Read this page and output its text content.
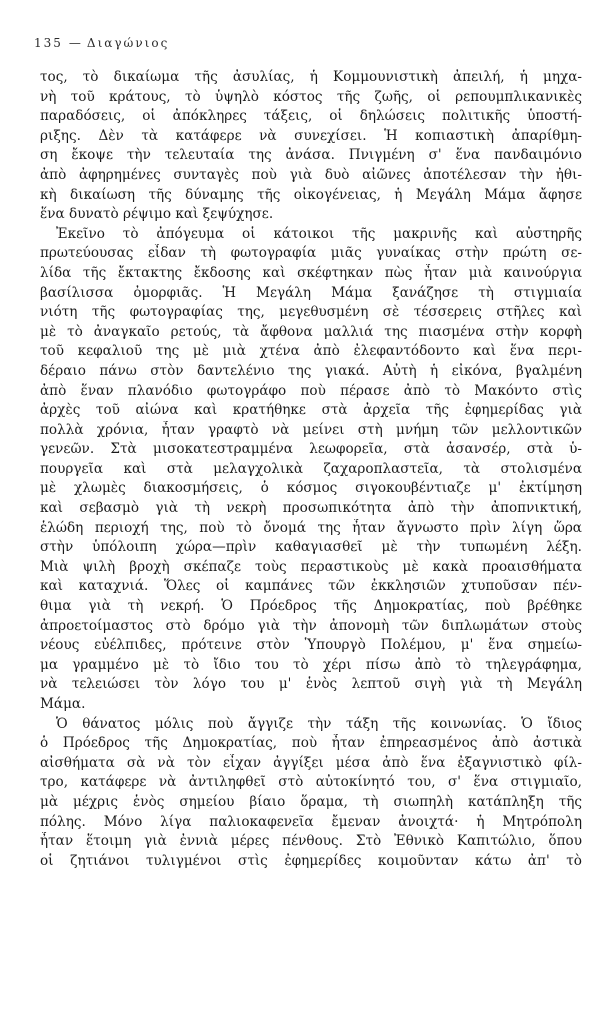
135 — Διαγώνιος
τος, τὸ δικαίωμα τῆς ἀσυλίας, ἡ Κομμουνιστικὴ ἀπειλή, ἡ μηχα-
νὴ τοῦ κράτους, τὸ ὑψηλὸ κόστος τῆς ζωῆς, οἱ ρεπουμπλικανικὲς
παραδόσεις, οἱ ἀπόκληρες τάξεις, οἱ δηλώσεις πολιτικῆς ὑποστή-
ριξης. Δὲν τὰ κατάφερε νὰ συνεχίσει. Ἡ κοπιαστικὴ ἀπαρίθμη-
ση ἔκοψε τὴν τελευταία της ἀνάσα. Πνιγμένη σ' ἕνα πανδαιμόνιο
ἀπὸ ἀφηρημένες συνταγὲς ποὺ γιὰ δυὸ αἰῶνες ἀποτέλεσαν τὴν ἠθι-
κὴ δικαίωση τῆς δύναμης τῆς οἰκογένειας, ἡ Μεγάλη Μάμα ἄφησε
ἕνα δυνατὸ ρέψιμο καὶ ξεψύχησε.
Ἐκεῖνο τὸ ἀπόγευμα οἱ κάτοικοι τῆς μακρινῆς καὶ αὐστηρῆς
πρωτεύουσας εἶδαν τὴ φωτογραφία μιᾶς γυναίκας στὴν πρώτη σε-
λίδα τῆς ἔκτακτης ἔκδοσης καὶ σκέφτηκαν πὼς ἦταν μιὰ καινούργια
βασίλισσα ὀμορφιᾶς. Ἡ Μεγάλη Μάμα ξανάζησε τὴ στιγμιαία
νιότη τῆς φωτογραφίας της, μεγεθυσμένη σὲ τέσσερεις στῆλες καὶ
μὲ τὸ ἀναγκαῖο ρετούς, τὰ ἄφθονα μαλλιά της πιασμένα στὴν κορφὴ
τοῦ κεφαλιοῦ της μὲ μιὰ χτένα ἀπὸ ἐλεφαντόδοντο καὶ ἕνα περι-
δέραιο πάνω στὸν δαντελένιο της γιακά. Αὐτὴ ἡ εἰκόνα, βγαλμένη
ἀπὸ ἕναν πλανόδιο φωτογράφο ποὺ πέρασε ἀπὸ τὸ Μακόντο στὶς
ἀρχὲς τοῦ αἰώνα καὶ κρατήθηκε στὰ ἀρχεῖα τῆς ἐφημερίδας γιὰ
πολλὰ χρόνια, ἦταν γραφτὸ νὰ μείνει στὴ μνήμη τῶν μελλοντικῶν
γενεῶν. Στὰ μισοκατεστραμμένα λεωφορεῖα, στὰ ἀσανσέρ, στὰ ὑ-
πουργεῖα καὶ στὰ μελαγχολικὰ ζαχαροπλαστεῖα, τὰ στολισμένα
μὲ χλωμὲς διακοσμήσεις, ὁ κόσμος σιγοκουβέντιαζε μ' ἐκτίμηση
καὶ σεβασμὸ γιὰ τὴ νεκρὴ προσωπικότητα ἀπὸ τὴν ἀποπνικτική,
ἑλώδη περιοχή της, ποὺ τὸ ὄνομά της ἦταν ἄγνωστο πρὶν λίγη ὥρα
στὴν ὑπόλοιπη χώρα—πρὶν καθαγιασθεῖ μὲ τὴν τυπωμένη λέξη.
Μιὰ ψιλὴ βροχὴ σκέπαζε τοὺς περαστικοὺς μὲ κακὰ προαισθήματα
καὶ καταχνιά. Ὅλες οἱ καμπάνες τῶν ἐκκλησιῶν χτυποῦσαν πέν-
θιμα γιὰ τὴ νεκρή. Ὁ Πρόεδρος τῆς Δημοκρατίας, ποὺ βρέθηκε
ἀπροετοίμαστος στὸ δρόμο γιὰ τὴν ἀπονομὴ τῶν διπλωμάτων στοὺς
νέους εὐέλπιδες, πρότεινε στὸν Ὑπουργὸ Πολέμου, μ' ἕνα σημείω-
μα γραμμένο μὲ τὸ ἴδιο του τὸ χέρι πίσω ἀπὸ τὸ τηλεγράφημα,
νὰ τελειώσει τὸν λόγο του μ' ἑνὸς λεπτοῦ σιγὴ γιὰ τὴ Μεγάλη
Μάμα.
Ὁ θάνατος μόλις ποὺ ἄγγιζε τὴν τάξη τῆς κοινωνίας. Ὁ ἴδιος
ὁ Πρόεδρος τῆς Δημοκρατίας, ποὺ ἦταν ἐπηρεασμένος ἀπὸ ἀστικὰ
αἰσθήματα σὰ νὰ τὸν εἶχαν ἀγγίξει μέσα ἀπὸ ἕνα ἐξαγνιστικὸ φίλ-
τρο, κατάφερε νὰ ἀντιληφθεῖ στὸ αὐτοκίνητό του, σ' ἕνα στιγμιαῖο,
μὰ μέχρις ἑνὸς σημείου βίαιο ὅραμα, τὴ σιωπηλὴ κατάπληξη τῆς
πόλης. Μόνο λίγα παλιοκαφενεῖα ἔμεναν ἀνοιχτά· ἡ Μητρόπολη
ἦταν ἕτοιμη γιὰ ἐννιὰ μέρες πένθους. Στὸ Ἐθνικὸ Καπιτώλιο, ὅπου
οἱ ζητιάνοι τυλιγμένοι στὶς ἐφημερίδες κοιμοῦνταν κάτω ἀπ' τὸ
